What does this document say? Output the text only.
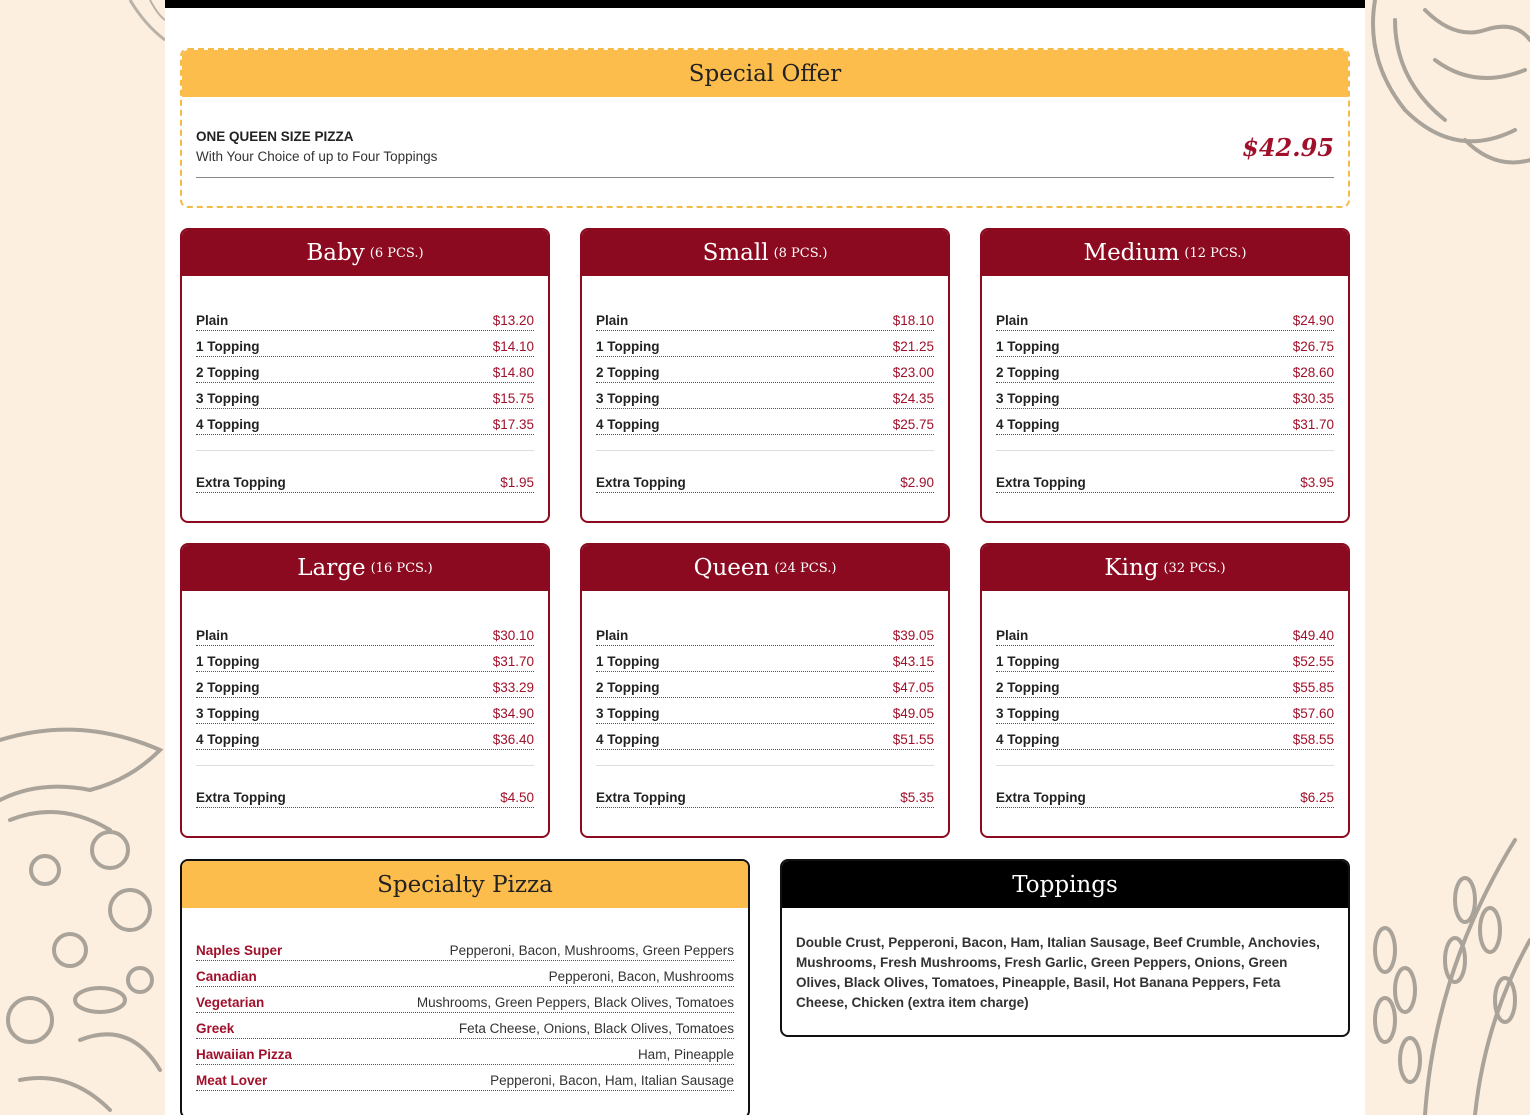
Special Offer
ONE QUEEN SIZE PIZZA
With Your Choice of up to Four Toppings	$42.95
Baby (6 PCS.)
Plain	$13.20
1 Topping	$14.10
2 Topping	$14.80
3 Topping	$15.75
4 Topping	$17.35
Extra Topping	$1.95
Small (8 PCS.)
Plain	$18.10
1 Topping	$21.25
2 Topping	$23.00
3 Topping	$24.35
4 Topping	$25.75
Extra Topping	$2.90
Medium (12 PCS.)
Plain	$24.90
1 Topping	$26.75
2 Topping	$28.60
3 Topping	$30.35
4 Topping	$31.70
Extra Topping	$3.95
Large (16 PCS.)
Plain	$30.10
1 Topping	$31.70
2 Topping	$33.29
3 Topping	$34.90
4 Topping	$36.40
Extra Topping	$4.50
Queen (24 PCS.)
Plain	$39.05
1 Topping	$43.15
2 Topping	$47.05
3 Topping	$49.05
4 Topping	$51.55
Extra Topping	$5.35
King (32 PCS.)
Plain	$49.40
1 Topping	$52.55
2 Topping	$55.85
3 Topping	$57.60
4 Topping	$58.55
Extra Topping	$6.25
Specialty Pizza
Naples Super	Pepperoni, Bacon, Mushrooms, Green Peppers
Canadian	Pepperoni, Bacon, Mushrooms
Vegetarian	Mushrooms, Green Peppers, Black Olives, Tomatoes
Greek	Feta Cheese, Onions, Black Olives, Tomatoes
Hawaiian Pizza	Ham, Pineapple
Meat Lover	Pepperoni, Bacon, Ham, Italian Sausage
Toppings
Double Crust, Pepperoni, Bacon, Ham, Italian Sausage, Beef Crumble, Anchovies, Mushrooms, Fresh Mushrooms, Fresh Garlic, Green Peppers, Onions, Green Olives, Black Olives, Tomatoes, Pineapple, Basil, Hot Banana Peppers, Feta Cheese, Chicken (extra item charge)
